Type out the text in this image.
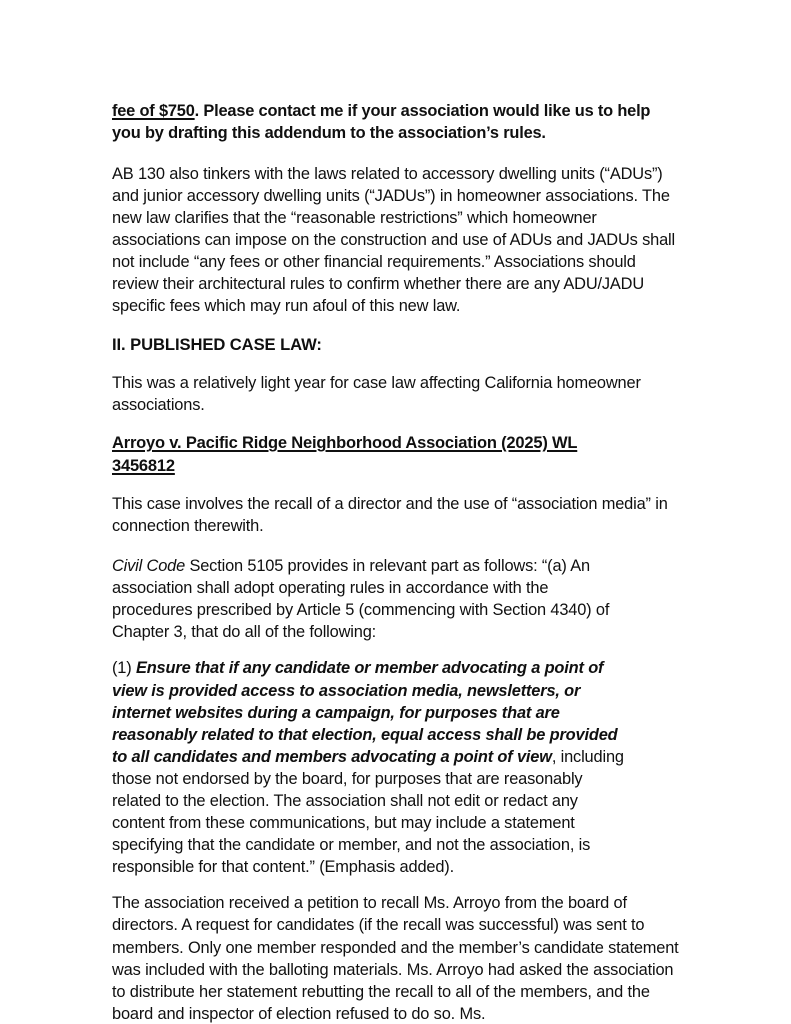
fee of $750. Please contact me if your association would like us to help you by drafting this addendum to the association’s rules.

AB 130 also tinkers with the laws related to accessory dwelling units (“ADUs”) and junior accessory dwelling units (“JADUs”) in homeowner associations. The new law clarifies that the “reasonable restrictions” which homeowner associations can impose on the construction and use of ADUs and JADUs shall not include “any fees or other financial requirements.” Associations should review their architectural rules to confirm whether there are any ADU/JADU specific fees which may run afoul of this new law.

II. PUBLISHED CASE LAW:

This was a relatively light year for case law affecting California homeowner associations.

Arroyo v. Pacific Ridge Neighborhood Association (2025) WL 3456812

This case involves the recall of a director and the use of “association media” in connection therewith.

Civil Code Section 5105 provides in relevant part as follows: “(a) An association shall adopt operating rules in accordance with the procedures prescribed by Article 5 (commencing with Section 4340) of Chapter 3, that do all of the following:

(1) Ensure that if any candidate or member advocating a point of view is provided access to association media, newsletters, or internet websites during a campaign, for purposes that are reasonably related to that election, equal access shall be provided to all candidates and members advocating a point of view, including those not endorsed by the board, for purposes that are reasonably related to the election. The association shall not edit or redact any content from these communications, but may include a statement specifying that the candidate or member, and not the association, is responsible for that content.” (Emphasis added).

The association received a petition to recall Ms. Arroyo from the board of directors. A request for candidates (if the recall was successful) was sent to members. Only one member responded and the member’s candidate statement was included with the balloting materials. Ms. Arroyo had asked the association to distribute her statement rebutting the recall to all of the members, and the board and inspector of election refused to do so. Ms.
